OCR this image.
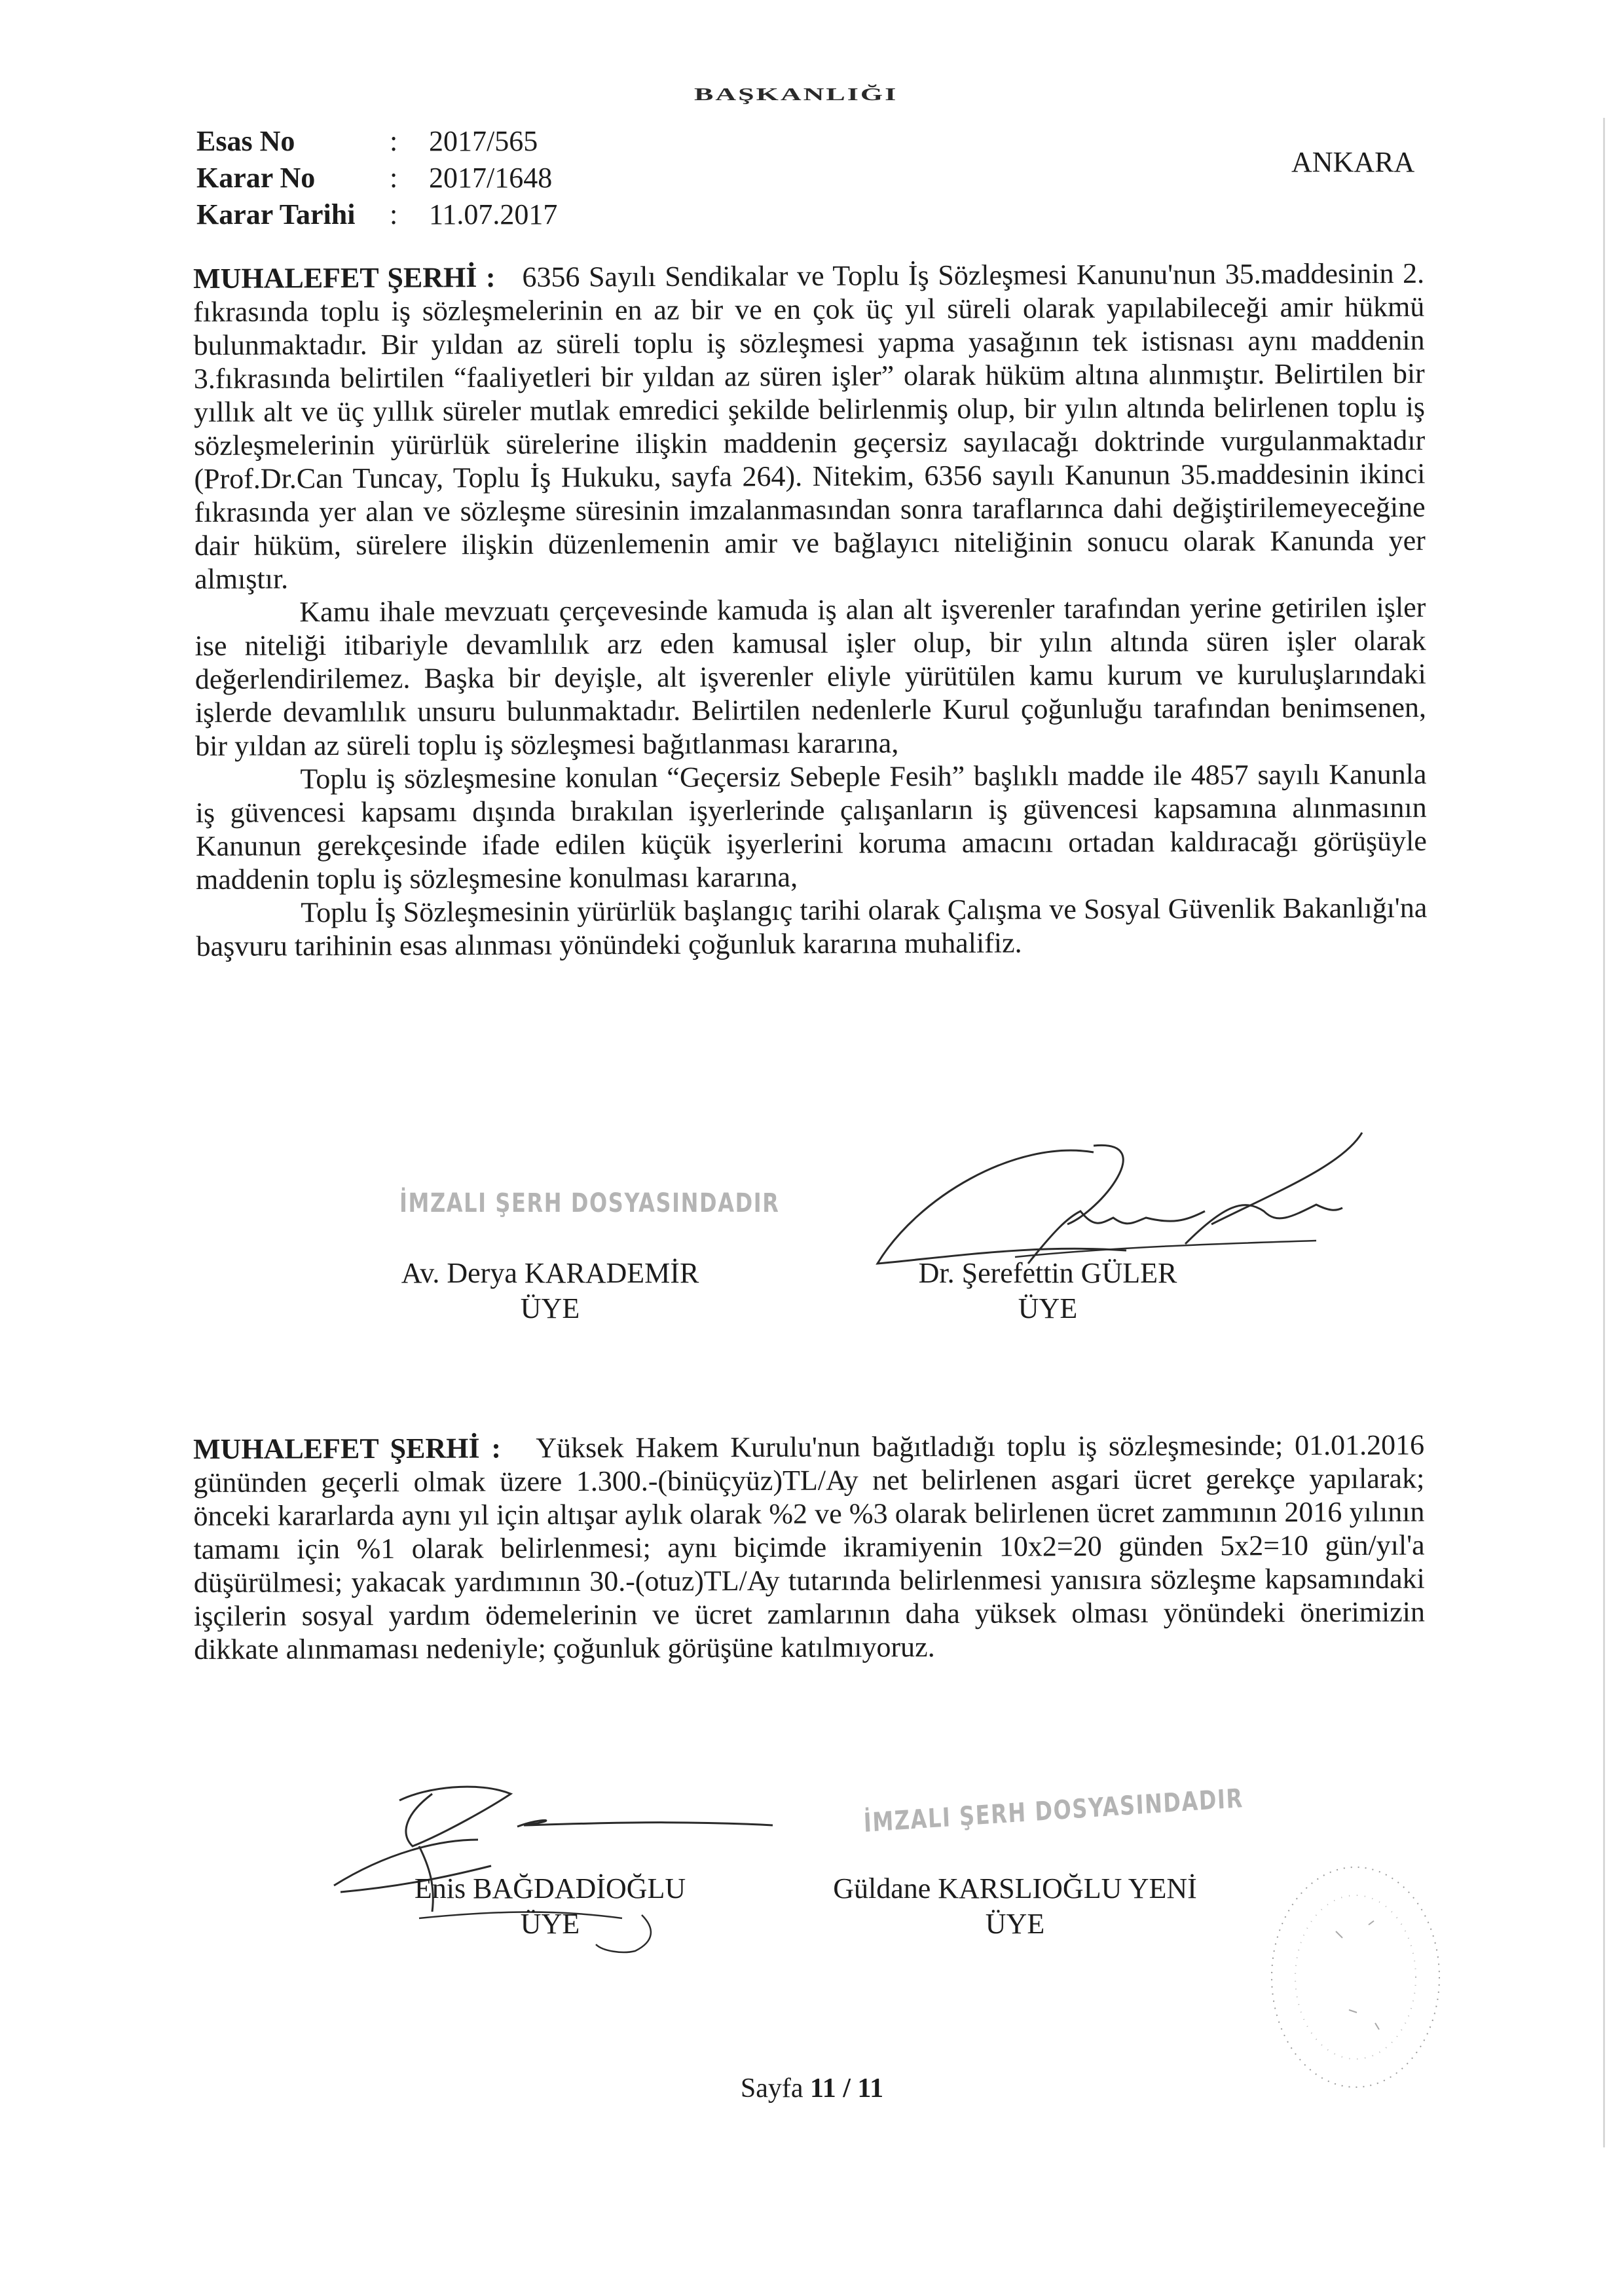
BAŞKANLIĞI
Esas No	:	2017/565
Karar No	:	2017/1648
Karar Tarihi	:	11.07.2017
ANKARA

MUHALEFET ŞERHİ : 6356 Sayılı Sendikalar ve Toplu İş Sözleşmesi Kanunu'nun 35.maddesinin 2. fıkrasında toplu iş sözleşmelerinin en az bir ve en çok üç yıl süreli olarak yapılabileceği amir hükmü bulunmaktadır. Bir yıldan az süreli toplu iş sözleşmesi yapma yasağının tek istisnası aynı maddenin 3.fıkrasında belirtilen “faaliyetleri bir yıldan az süren işler” olarak hüküm altına alınmıştır. Belirtilen bir yıllık alt ve üç yıllık süreler mutlak emredici şekilde belirlenmiş olup, bir yılın altında belirlenen toplu iş sözleşmelerinin yürürlük sürelerine ilişkin maddenin geçersiz sayılacağı doktrinde vurgulanmaktadır (Prof.Dr.Can Tuncay, Toplu İş Hukuku, sayfa 264). Nitekim, 6356 sayılı Kanunun 35.maddesinin ikinci fıkrasında yer alan ve sözleşme süresinin imzalanmasından sonra taraflarınca dahi değiştirilemeyeceğine dair hüküm, sürelere ilişkin düzenlemenin amir ve bağlayıcı niteliğinin sonucu olarak Kanunda yer almıştır.

Kamu ihale mevzuatı çerçevesinde kamuda iş alan alt işverenler tarafından yerine getirilen işler ise niteliği itibariyle devamlılık arz eden kamusal işler olup, bir yılın altında süren işler olarak değerlendirilemez. Başka bir deyişle, alt işverenler eliyle yürütülen kamu kurum ve kuruluşlarındaki işlerde devamlılık unsuru bulunmaktadır. Belirtilen nedenlerle Kurul çoğunluğu tarafından benimsenen, bir yıldan az süreli toplu iş sözleşmesi bağıtlanması kararına,

Toplu iş sözleşmesine konulan “Geçersiz Sebeple Fesih” başlıklı madde ile 4857 sayılı Kanunla iş güvencesi kapsamı dışında bırakılan işyerlerinde çalışanların iş güvencesi kapsamına alınmasının Kanunun gerekçesinde ifade edilen küçük işyerlerini koruma amacını ortadan kaldıracağı görüşüyle maddenin toplu iş sözleşmesine konulması kararına,

Toplu İş Sözleşmesinin yürürlük başlangıç tarihi olarak Çalışma ve Sosyal Güvenlik Bakanlığı'na başvuru tarihinin esas alınması yönündeki çoğunluk kararına muhalifiz.

İMZALI ŞERH DOSYASINDADIR
Av. Derya KARADEMİR
ÜYE
Dr. Şerefettin GÜLER
ÜYE

MUHALEFET ŞERHİ : Yüksek Hakem Kurulu'nun bağıtladığı toplu iş sözleşmesinde; 01.01.2016 gününden geçerli olmak üzere 1.300.-(binüçyüz)TL/Ay net belirlenen asgari ücret gerekçe yapılarak; önceki kararlarda aynı yıl için altışar aylık olarak %2 ve %3 olarak belirlenen ücret zammının 2016 yılının tamamı için %1 olarak belirlenmesi; aynı biçimde ikramiyenin 10x2=20 günden 5x2=10 gün/yıl'a düşürülmesi; yakacak yardımının 30.-(otuz)TL/Ay tutarında belirlenmesi yanısıra sözleşme kapsamındaki işçilerin sosyal yardım ödemelerinin ve ücret zamlarının daha yüksek olması yönündeki önerimizin dikkate alınmaması nedeniyle; çoğunluk görüşüne katılmıyoruz.

Enis BAĞDADİOĞLU
ÜYE
İMZALI ŞERH DOSYASINDADIR
Güldane KARSLIOĞLU YENİ
ÜYE
Sayfa 11 / 11
